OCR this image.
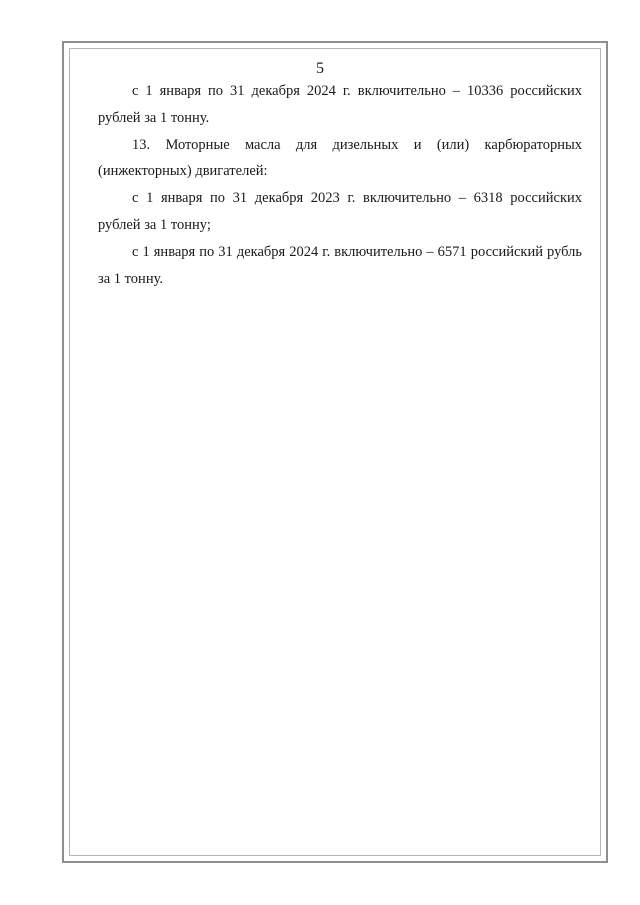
5

с 1 января по 31 декабря 2024 г. включительно – 10336 российских рублей за 1 тонну.

13. Моторные масла для дизельных и (или) карбюраторных (инжекторных) двигателей:

с 1 января по 31 декабря 2023 г. включительно – 6318 российских рублей за 1 тонну;

с 1 января по 31 декабря 2024 г. включительно – 6571 российский рубль за 1 тонну.
